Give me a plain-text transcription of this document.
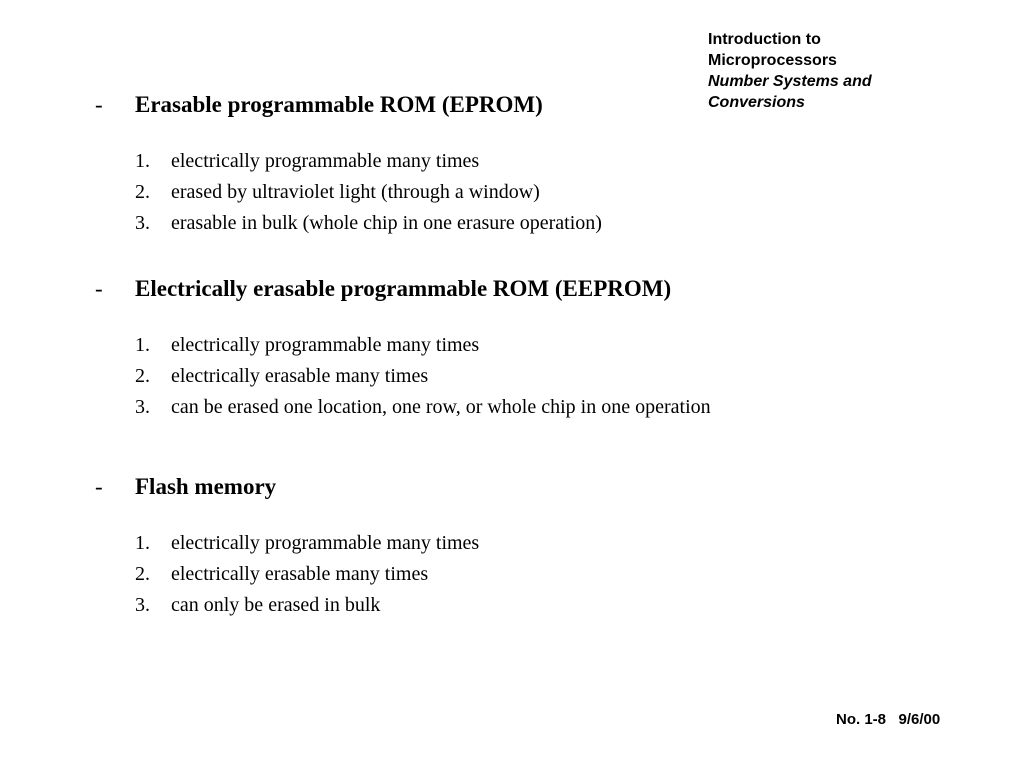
Introduction to
Microprocessors
Number Systems and
Conversions
-	Erasable programmable ROM (EPROM)
1.	electrically programmable many times
2.	erased by ultraviolet light (through a window)
3.	erasable in bulk (whole chip in one erasure operation)
-	Electrically erasable programmable ROM (EEPROM)
1.	electrically programmable many times
2.	electrically erasable many times
3.	can be erased one location, one row, or whole chip in one operation
-	Flash memory
1.	electrically programmable many times
2.	electrically erasable many times
3.	can only be erased in bulk
No. 1-8 9/6/00
